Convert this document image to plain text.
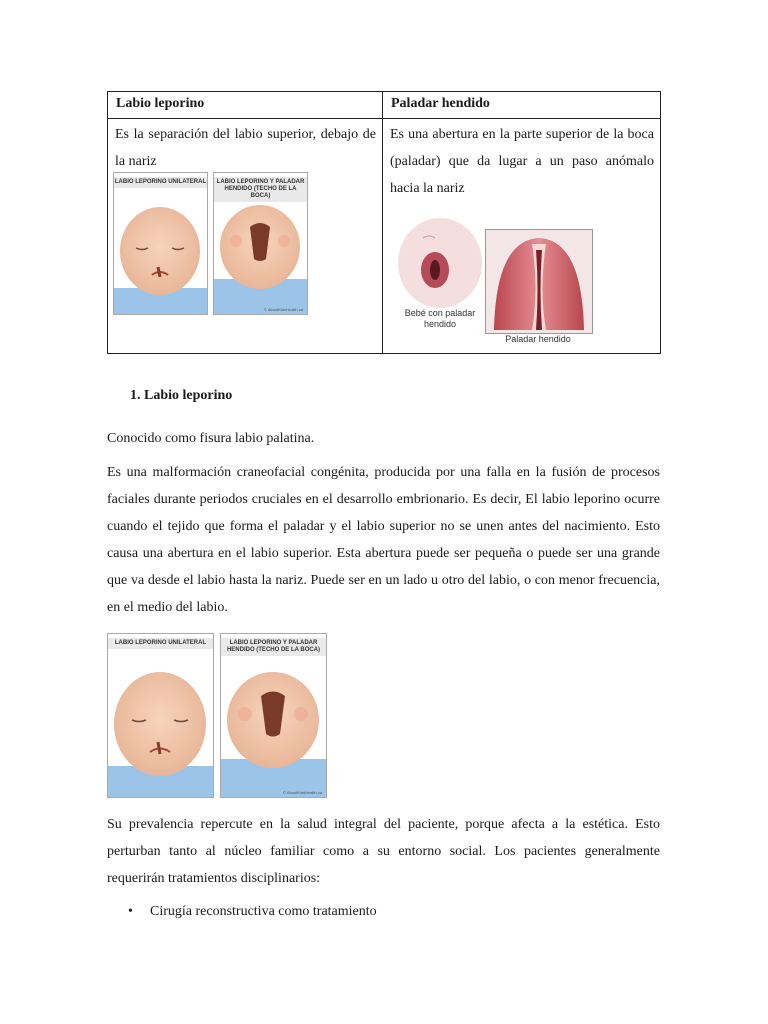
Labio leporino	Paladar hendido

Es la separación del labio superior, debajo de la nariz	Es una abertura en la parte superior de la boca (paladar) que da lugar a un paso anómalo hacia la nariz
LABIO LEPORINO UNILATERAL	LABIO LEPORINO Y PALADAR HENDIDO (TECHO DE LA BOCA)
© AboutKidsHealth.ca	Bebé con paladar hendido
Paladar hendido
1. Labio leporino
Conocido como fisura labio palatina.
Es una malformación craneofacial congénita, producida por una falla en la fusión de procesos faciales durante periodos cruciales en el desarrollo embrionario. Es decir, El labio leporino ocurre cuando el tejido que forma el paladar y el labio superior no se unen antes del nacimiento. Esto causa una abertura en el labio superior. Esta abertura puede ser pequeña o puede ser una grande que va desde el labio hasta la nariz. Puede ser en un lado u otro del labio, o con menor frecuencia, en el medio del labio.
LABIO LEPORINO UNILATERAL	LABIO LEPORINO Y PALADAR HENDIDO (TECHO DE LA BOCA)
© AboutKidsHealth.ca
Su prevalencia repercute en la salud integral del paciente, porque afecta a la estética. Esto perturban tanto al núcleo familiar como a su entorno social. Los pacientes generalmente requerirán tratamientos disciplinarios:
• Cirugía reconstructiva como tratamiento
